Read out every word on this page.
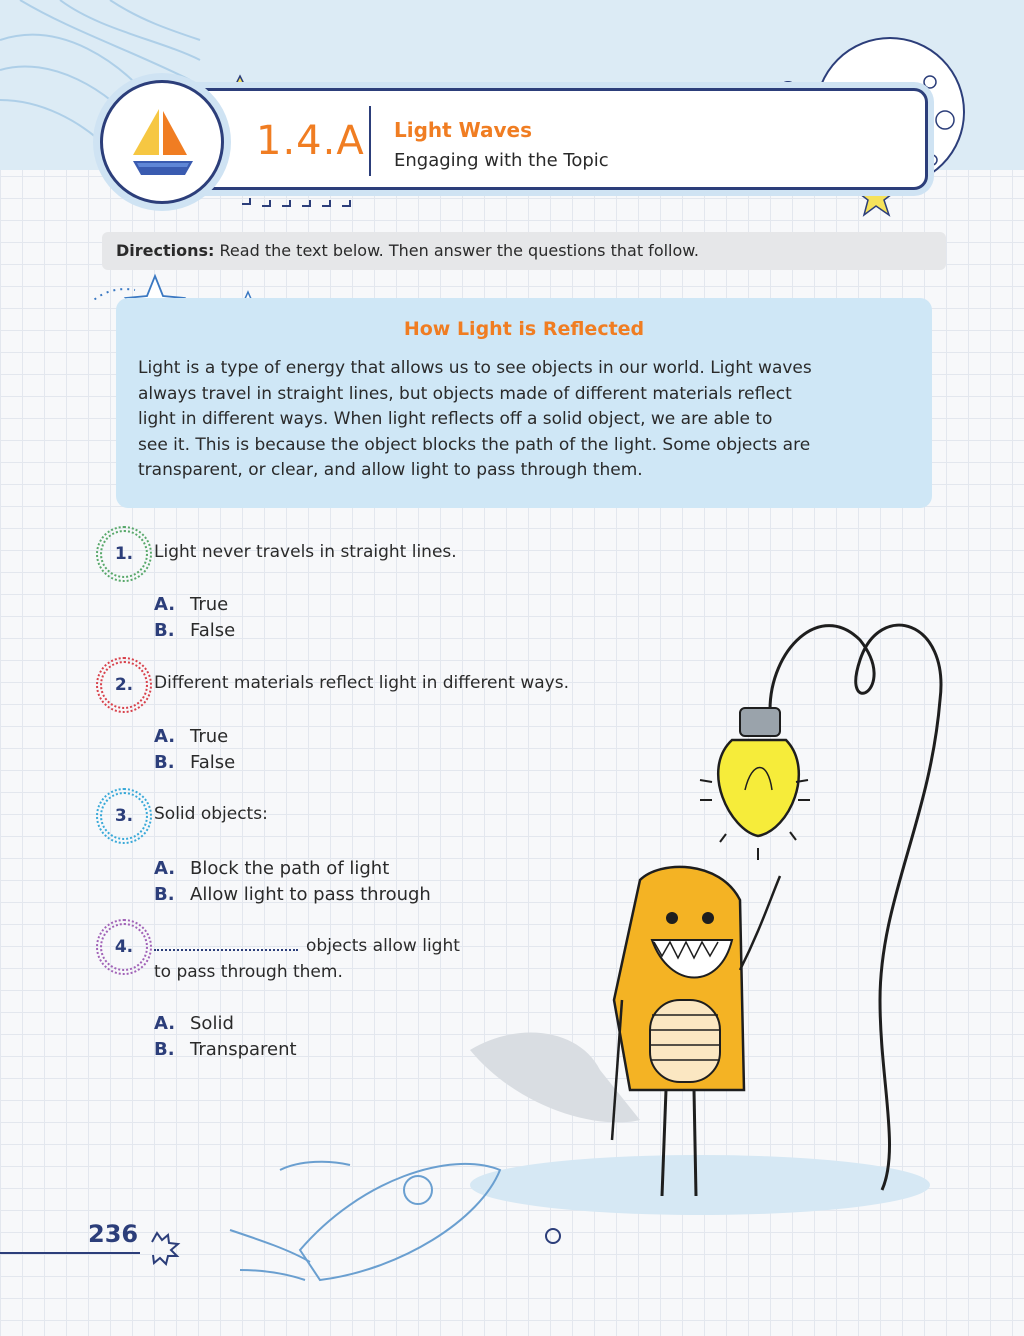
1.4.A Light Waves
Engaging with the Topic
Directions: Read the text below. Then answer the questions that follow.
How Light is Reflected
Light is a type of energy that allows us to see objects in our world. Light waves
always travel in straight lines, but objects made of different materials reflect
light in different ways. When light reflects off a solid object, we are able to
see it. This is because the object blocks the path of the light. Some objects are
transparent, or clear, and allow light to pass through them.
1. Light never travels in straight lines.
A. True
B. False
2. Different materials reflect light in different ways.
A. True
B. False
3. Solid objects:
A. Block the path of light
B. Allow light to pass through
4.	objects allow light
to pass through them.
A. Solid
B. Transparent
236
